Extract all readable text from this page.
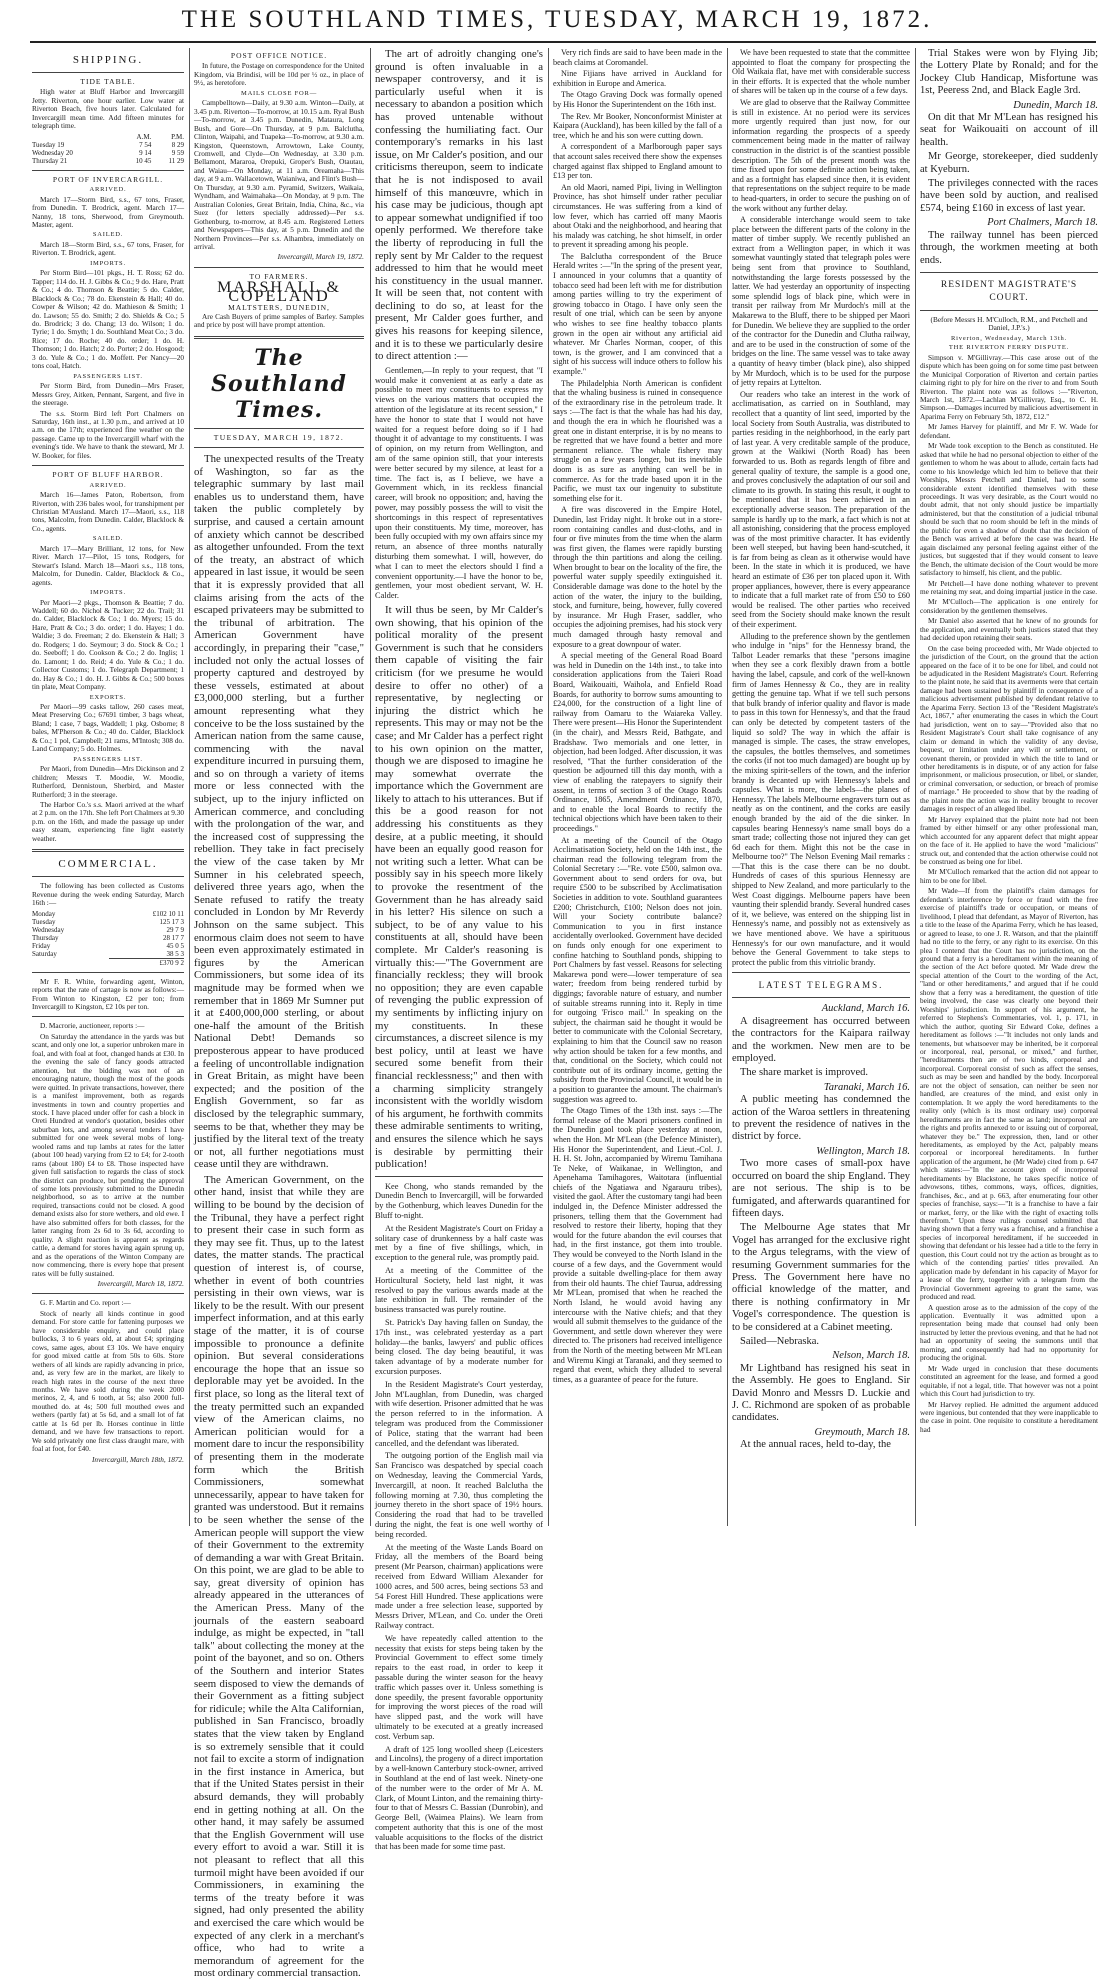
THE SOUTHLAND TIMES, TUESDAY, MARCH 19, 1872.
SHIPPING.
TIDE TABLE.

High water at Bluff Harbor and Invercargill Jetty. Riverton, one hour earlier. Low water at Riverton Beach, five hours later. Calculated for Invercargill mean time. Add fifteen minutes for telegraph time.

	A.M.	P.M.
Tuesday 19	7 54	8 29
Wednesday 20	9 14	9 59
Thursday 21	10 45	11 29
PORT OF INVERCARGILL.
ARRIVED.

March 17—Storm Bird, s.s., 67 tons, Fraser, from Dunedin. T. Brodrick, agent. March 17—Nanny, 18 tons, Sherwood, from Greymouth. Master, agent.

SAILED.

March 18—Storm Bird, s.s., 67 tons, Fraser, for Riverton. T. Brodrick, agent.

IMPORTS.

Per Storm Bird—101 pkgs., H. T. Ross; 62 do. Tapper; 114 do. H. J. Gibbs & Co.; 9 do. Hare, Pratt & Co.; 4 do. Thomson & Beattie; 5 do. Calder, Blacklock & Co.; 78 do. Ekenstein & Hall; 40 do. Cowper & Wilson; 42 do. Mathieson & Smith; 1 do. Lawson; 55 do. Smith; 2 do. Shields & Co.; 5 do. Brodrick; 3 do. Chang; 13 do. Wilson; 1 do. Tyrie; 1 do. Smyth; 1 do. Southland Meat Co.; 3 do. Rice; 17 do. Roche; 40 do. order; 1 do. H. Thomson; 1 do. Hatch; 2 do. Porter; 2 do. Hosgood; 3 do. Yule & Co.; 1 do. Moffett. Per Nancy—20 tons coal, Hatch.

PASSENGERS LIST.

Per Storm Bird, from Dunedin—Mrs Fraser, Messrs Grey, Aitken, Pennant, Sargent, and five in the steerage.

The s.s. Storm Bird left Port Chalmers on Saturday, 16th inst., at 1.30 p.m., and arrived at 10 a.m. on the 17th; experienced fine weather on the passage. Came up to the Invercargill wharf with the evening's tide. We have to thank the steward, Mr J. W. Booker, for files.

PORT OF BLUFF HARBOR.
ARRIVED.

March 16—James Paton, Robertson, from Riverton, with 236 bales wool, for transhipment per Christian M'Ausland. March 17—Maori, s.s., 118 tons, Malcolm, from Dunedin. Calder, Blacklock & Co., agents.

SAILED.

March 17—Mary Brilliant, 12 tons, for New River. March 17—Pilot, 15 tons, Rodgers, for Stewart's Island. March 18—Maori s.s., 118 tons, Malcolm, for Dunedin. Calder, Blacklock & Co., agents.

IMPORTS.

Per Maori—2 pkgs., Thomson & Beattie; 7 do. Waddell; 60 do. Nichol & Tucker; 22 do. Trail; 31 do. Calder, Blacklock & Co.; 1 do. Myers; 15 do. Hare, Pratt & Co.; 3 do. order; 1 do. Hayes; 1 do. Waldie; 3 do. Freeman; 2 do. Ekenstein & Hall; 3 do. Rodgers; 1 do. Seymour; 3 do. Stock & Co.; 1 do. Seeboff; 1 do. Cookson & Co.; 2 do. Inglis; 1 do. Lamont; 1 do. Reid; 4 do. Yule & Co.; 1 do. Collector Customs; 1 do. Telegraph Department; 1 do. Hay & Co.; 1 do. H. J. Gibbs & Co.; 500 boxes tin plate, Meat Company.

EXPORTS.

Per Maori—99 casks tallow, 260 cases meat, Meat Preserving Co.; 67691 timber, 3 bags wheat, Bland; 1 case, 7 bags, Waddell; 1 pkg. Osborne; 8 bales, M'Pherson & Co.; 40 do. Calder, Blacklock & Co.; 1 pol, Campbell; 21 rams, M'Intosh; 308 do. Land Company; 5 do. Holmes.

PASSENGERS LIST.

Per Maori, from Dunedin—Mrs Dickinson and 2 children; Messrs T. Moodie, W. Moodie, Rutherford, Dennistoun, Sherbird, and Master Rutherford; 3 in the steerage.

The Harbor Co.'s s.s. Maori arrived at the wharf at 2 p.m. on the 17th. She left Port Chalmers at 9.30 p.m. on the 16th, and made the passage up under easy steam, experiencing fine light easterly weather.

COMMERCIAL.

The following has been collected as Customs Revenue during the week ending Saturday, March 16th :—

Monday	£102 10 11
Tuesday	125 17 3
Wednesday	29 7 9
Thursday	28 17 7
Friday	45 0 5
Saturday	38 5 3
	£370 9 2

Mr F. R. White, forwarding agent, Winton, reports that the rate of cartage is now as follows:—From Winton to Kingston, £2 per ton; from Invercargill to Kingston, £2 10s per ton.

D. Macrorie, auctioneer, reports :—

On Saturday the attendance in the yards was but scant, and only one lot, a superior unbroken mare in foal, and with foal at foot, changed hands at £30. In the evening the sale of fancy goods attracted attention, but the bidding was not of an encouraging nature, though the most of the goods were quitted. In private transactions, however, there is a manifest improvement, both as regards investments in town and country properties and stock. I have placed under offer for cash a block in Oreti Hundred at vendor's quotation, besides other suburban lots, and among several tenders I have submitted for one week several mobs of long-wooled rams and tup lambs at rates for the latter (about 100 head) varying from £2 to £4; for 2-tooth rams (about 180) £4 to £8. Those inspected have given full satisfaction to regards the class of stock the district can produce, but pending the approval of some lots previously submitted to the Dunedin neighborhood, so as to arrive at the number required, transactions could not be closed. A good demand exists also for store wethers, and old ewe. I have also submitted offers for both classes, for the latter ranging from 2s 6d to 3s 6d, according to quality. A slight reaction is apparent as regards cattle, a demand for stores having again sprung up, and as the operations of the Winton Company are now commencing, there is every hope that present rates will be fully sustained.

Invercargill, March 18, 1872.

G. F. Martin and Co. report :—

Stock of nearly all kinds continue in good demand. For store cattle for fattening purposes we have considerable enquiry, and could place bullocks, 3 to 6 years old, at about £4; springing cows, same ages, about £3 10s. We have enquiry for good mixed cattle at from 50s to 60s. Store wethers of all kinds are rapidly advancing in price, and, as very few are in the market, are likely to reach high rates in the course of the next three months. We have sold during the week 2000 merinos, 2, 4, and 6 tooth, at 5s; also 2000 full-mouthed do. at 4s; 500 full mouthed ewes and wethers (partly fat) at 5s 6d, and a small lot of fat cattle at 1s 6d per lb. Horses continue in little demand, and we have few transactions to report. We sold privately one first class draught mare, with foal at foot, for £40.

Invercargill, March 18th, 1872.
POST OFFICE NOTICE.

In future, the Postage on correspondence for the United Kingdom, via Brindisi, will be 10d per ½ oz., in place of 9½, as heretofore.

MAILS CLOSE FOR—

Campbelltown—Daily, at 9.30 a.m. Winton—Daily, at 3.45 p.m. Riverton—To-morrow, at 10.15 a.m. Ryal Bush—To-morrow, at 3.45 p.m. Dunedin, Mataura, Long Bush, and Gore—On Thursday, at 9 p.m. Balclutha, Clinton, Waipahi, and Tuapeka—To-morrow, at 9.30 a.m. Kingston, Queenstown, Arrowtown, Lake County, Cromwell, and Clyde—On Wednesday, at 3.30 p.m. Bellamont, Mararoa, Orepuki, Groper's Bush, Otautau, and Waiau—On Monday, at 11 a.m. Oreamaha—This day, at 9 a.m. Wallacetown, Waianiwa, and Flint's Bush—On Thursday, at 9.30 a.m. Pyramid, Switzers, Waikaia, Wyndham, and Waimahaka—On Monday, at 9 p.m. The Australian Colonies, Great Britain, India, China, &c., via Suez (for letters specially addressed)—Per s.s. Gothenburg, to-morrow, at 8.45 a.m. Registered Letters and Newspapers—This day, at 5 p.m. Dunedin and the Northern Provinces—Per s.s. Alhambra, immediately on arrival.

Invercargill, March 19, 1872.
TO FARMERS.
MARSHALL & COPELAND
MALTSTERS, DUNEDIN,

Are Cash Buyers of prime samples of Barley. Samples and price by post will have prompt attention.

The Southland Times.
TUESDAY, MARCH 19, 1872.

The unexpected results of the Treaty of Washington, so far as the telegraphic summary by last mail enables us to understand them, have taken the public completely by surprise, and caused a certain amount of anxiety which cannot be described as altogether unfounded. From the text of the treaty, an abstract of which appeared in last issue, it would be seen that it is expressly provided that all claims arising from the acts of the escaped privateers may be submitted to the tribunal of arbitration. The American Government have accordingly, in preparing their "case," included not only the actual losses of property captured and destroyed by these vessels, estimated at about £3,000,000 sterling, but a further amount representing what they conceive to be the loss sustained by the American nation from the same cause, commencing with the naval expenditure incurred in pursuing them, and so on through a variety of items more or less connected with the subject, up to the injury inflicted on American commerce, and concluding with the prolongation of the war, and the increased cost of suppressing the rebellion. They take in fact precisely the view of the case taken by Mr Sumner in his celebrated speech, delivered three years ago, when the Senate refused to ratify the treaty concluded in London by Mr Reverdy Johnson on the same subject. This enormous claim does not seem to have been even approximately estimated in figures by the American Commissioners, but some idea of its magnitude may be formed when we remember that in 1869 Mr Sumner put it at £400,000,000 sterling, or about one-half the amount of the British National Debt! Demands so preposterous appear to have produced a feeling of uncontrollable indignation in Great Britain, as might have been expected; and the position of the English Government, so far as disclosed by the telegraphic summary, seems to be that, whether they may be justified by the literal text of the treaty or not, all further negotiations must cease until they are withdrawn.

The American Government, on the other hand, insist that while they are willing to be bound by the decision of the Tribunal, they have a perfect right to present their case in such form as they may see fit. Thus, up to the latest dates, the matter stands. The practical question of interest is, of course, whether in event of both countries persisting in their own views, war is likely to be the result. With our present imperfect information, and at this early stage of the matter, it is of course impossible to pronounce a definite opinion. But several considerations encourage the hope that an issue so deplorable may yet be avoided. In the first place, so long as the literal text of the treaty permitted such an expanded view of the American claims, no American politician would for a moment dare to incur the responsibility of presenting them in the moderate form which the British Commissioners, somewhat unnecessarily, appear to have taken for granted was understood. But it remains to be seen whether the sense of the American people will support the view of their Government to the extremity of demanding a war with Great Britain. On this point, we are glad to be able to say, great diversity of opinion has already appeared in the utterances of the American Press. Many of the journals of the eastern seaboard indulge, as might be expected, in "tall talk" about collecting the money at the point of the bayonet, and so on. Others of the Southern and interior States seem disposed to view the demands of their Government as a fitting subject for ridicule; while the Alta Californian, published in San Francisco, broadly states that the view taken by England is so extremely sensible that it could not fail to excite a storm of indignation in the first instance in America, but that if the United States persist in their absurd demands, they will probably end in getting nothing at all. On the other hand, it may safely be assumed that the English Government will use every effort to avoid a war. Still it is not pleasant to reflect that all this turmoil might have been avoided if our Commissioners, in examining the terms of the treaty before it was signed, had only presented the ability and exercised the care which would be expected of any clerk in a merchant's office, who had to write a memorandum of agreement for the most ordinary commercial transaction.

The art of adroitly changing one's ground is often invaluable in a newspaper controversy, and it is particularly useful when it is necessary to abandon a position which has proved untenable without confessing the humiliating fact. Our contemporary's remarks in his last issue, on Mr Calder's position, and our criticisms thereupon, seem to indicate that he is not indisposed to avail himself of this manœuvre, which in his case may be judicious, though apt to appear somewhat undignified if too openly performed. We therefore take the liberty of reproducing in full the reply sent by Mr Calder to the request addressed to him that he would meet his constituency in the usual manner. It will be seen that, not content with declining to do so, at least for the present, Mr Calder goes further, and gives his reasons for keeping silence, and it is to these we particularly desire to direct attention :—

Gentlemen,—In reply to your request, that "I would make it convenient at as early a date as possible to meet my constituents to express my views on the various matters that occupied the attention of the legislature at its recent session," I have the honor to state that I would not have waited for a request before doing so if I had thought it of advantage to my constituents. I was of opinion, on my return from Wellington, and am of the same opinion still, that your interests were better secured by my silence, at least for a time. The fact is, as I believe, we have a Government which, in its reckless financial career, will brook no opposition; and, having the power, may possibly possess the will to visit the shortcomings in this respect of representatives upon their constituents. My time, moreover, has been fully occupied with my own affairs since my return, an absence of three months naturally disturbing them somewhat. I will, however, do what I can to meet the electors should I find a convenient opportunity.—I have the honor to be, gentlemen, your most obedient servant, W. H. Calder.

It will thus be seen, by Mr Calder's own showing, that his opinion of the political morality of the present Government is such that he considers them capable of visiting the fair criticism (for we presume he would desire to offer no other) of a representative, by neglecting or injuring the district which he represents. This may or may not be the case; and Mr Calder has a perfect right to his own opinion on the matter, though we are disposed to imagine he may somewhat overrate the importance which the Government are likely to attach to his utterances. But if this be a good reason for not addressing his constituents as they desire, at a public meeting, it should have been an equally good reason for not writing such a letter. What can be possibly say in his speech more likely to provoke the resentment of the Government than he has already said in his letter? His silence on such a subject, to be of any value to his constituents at all, should have been complete. Mr Calder's reasoning is virtually this:—"The Government are financially reckless; they will brook no opposition; they are even capable of revenging the public expression of my sentiments by inflicting injury on my constituents. In these circumstances, a discreet silence is my best policy, until at least we have secured some benefit from their financial recklessness;" and then with a charming simplicity strangely inconsistent with the worldly wisdom of his argument, he forthwith commits these admirable sentiments to writing, and ensures the silence which he says is desirable by permitting their publication!

Kee Chong, who stands remanded by the Dunedin Bench to Invercargill, will be forwarded by the Gothenburg, which leaves Dunedin for the Bluff to-night.

At the Resident Magistrate's Court on Friday a solitary case of drunkenness by a half caste was met by a fine of five shillings, which, in exception to the general rule, was promptly paid.

At a meeting of the Committee of the Horticultural Society, held last night, it was resolved to pay the various awards made at the late exhibition in full. The remainder of the business transacted was purely routine.

St. Patrick's Day having fallen on Sunday, the 17th inst., was celebrated yesterday as a part holiday—the banks, lawyers' and public offices being closed. The day being beautiful, it was taken advantage of by a moderate number for excursion purposes.

In the Resident Magistrate's Court yesterday, John M'Laughlan, from Dunedin, was charged with wife desertion. Prisoner admitted that he was the person referred to in the information. A telegram was produced from the Commissioner of Police, stating that the warrant had been cancelled, and the defendant was liberated.

The outgoing portion of the English mail via San Francisco was despatched by special coach on Wednesday, leaving the Commercial Yards, Invercargill, at noon. It reached Balclutha the following morning at 7.30, thus completing the journey thereto in the short space of 19½ hours. Considering the road that had to be travelled during the night, the feat is one well worthy of being recorded.

At the meeting of the Waste Lands Board on Friday, all the members of the Board being present (Mr Pearson, chairman) applications were received from Edward William Alexander for 1000 acres, and 500 acres, being sections 53 and 54 Forest Hill Hundred. These applications were made under a free selection lease, supported by Messrs Driver, M'Lean, and Co. under the Oreti Railway contract.

We have repeatedly called attention to the necessity that exists for steps being taken by the Provincial Government to effect some timely repairs to the east road, in order to keep it passable during the winter season for the heavy traffic which passes over it. Unless something is done speedily, the present favorable opportunity for improving the worst pieces of the road will have slipped past, and the work will have ultimately to be executed at a greatly increased cost. Verbum sap.

A draft of 125 long woolled sheep (Leicesters and Lincolns), the progeny of a direct importation by a well-known Canterbury stock-owner, arrived in Southland at the end of last week. Ninety-one of the number were to the order of Mr A. M. Clark, of Mount Linton, and the remaining thirty-four to that of Messrs C. Bassian (Dunrobin), and George Bell, (Waimea Plains). We learn from competent authority that this is one of the most valuable acquisitions to the flocks of the district that has been made for some time past.

Very rich finds are said to have been made in the beach claims at Coromandel.

Nine Fijians have arrived in Auckland for exhibition in Europe and America.

The Otago Graving Dock was formally opened by His Honor the Superintendent on the 16th inst.

The Rev. Mr Booker, Nonconformist Minister at Kaipara (Auckland), has been killed by the fall of a tree, which he and his son were cutting down.

A correspondent of a Marlborough paper says that account sales received there show the expenses charged against flax shipped to England amount to £13 per ton.

An old Maori, named Pipi, living in Wellington Province, has shot himself under rather peculiar circumstances. He was suffering from a kind of low fever, which has carried off many Maoris about Otaki and the neighborhood, and hearing that his malady was catching, he shot himself, in order to prevent it spreading among his people.

The Balclutha correspondent of the Bruce Herald writes :—"In the spring of the present year, I announced in your columns that a quantity of tobacco seed had been left with me for distribution among parties willing to try the experiment of growing tobacco in Otago. I have only seen the result of one trial, which can be seen by anyone who wishes to see fine healthy tobacco plants grown in the open air without any artificial aid whatever. Mr Charles Norman, cooper, of this town, is the grower, and I am convinced that a sight of his success will induce others to follow his example."

The Philadelphia North American is confident that the whaling business is ruined in consequence of the extraordinary rise in the petroleum trade. It says :—The fact is that the whale has had his day, and though the era in which he flourished was a great one in distant enterprise, it is by no means to be regretted that we have found a better and more permanent reliance. The whale fishery may struggle on a few years longer, but its inevitable doom is as sure as anything can well be in commerce. As for the trade based upon it in the Pacific, we must tax our ingenuity to substitute something else for it.

A fire was discovered in the Empire Hotel, Dunedin, last Friday night. It broke out in a store-room containing candles and dust-cloths, and in four or five minutes from the time when the alarm was first given, the flames were rapidly bursting through the thin partitions and along the ceiling. When brought to bear on the locality of the fire, the powerful water supply speedily extinguished it. Considerable damage was done to the hotel by the action of the water, the injury to the building, stock, and furniture, being, however, fully covered by insurance. Mr Hugh Fraser, saddler, who occupies the adjoining premises, had his stock very much damaged through hasty removal and exposure to a great downpour of water.

A special meeting of the General Road Board was held in Dunedin on the 14th inst., to take into consideration applications from the Taieri Road Board, Waikouaiti, Waihola, and Enfield Road Boards, for authority to borrow sums amounting to £24,000, for the construction of a light line of railway from Oamaru to the Waiareka Valley. There were present—His Honor the Superintendent (in the chair), and Messrs Reid, Bathgate, and Bradshaw. Two memorials and one letter, in objection, had been lodged. After discussion, it was resolved, "That the further consideration of the question be adjourned till this day month, with a view of enabling the ratepayers to signify their assent, in terms of section 3 of the Otago Roads Ordinance, 1865, Amendment Ordinance, 1870, and to enable the local Boards to rectify the technical objections which have been taken to their proceedings."

At a meeting of the Council of the Otago Acclimatisation Society, held on the 14th inst., the chairman read the following telegram from the Colonial Secretary :—"Re. vote £500, salmon ova. Government about to send orders for ova, but require £500 to be subscribed by Acclimatisation Societies in addition to vote. Southland guarantees £200; Christchurch, £100; Nelson does not join. Will your Society contribute balance? Communication to you in first instance accidentally overlooked. Government have decided on funds only enough for one experiment to confine hatching to Southland ponds, shipping to Port Chalmers by fast vessel. Reasons for selecting Makarewa pond were—lower temperature of sea water; freedom from being rendered turbid by diggings; favorable nature of estuary, and number of suitable streams running into it. Reply in time for outgoing 'Frisco mail." In speaking on the subject, the chairman said he thought it would be better to communicate with the Colonial Secretary, explaining to him that the Council saw no reason why action should be taken for a few months, and that, conditional on the Society, which could not contribute out of its ordinary income, getting the subsidy from the Provincial Council, it would be in a position to guarantee the amount. The chairman's suggestion was agreed to.

The Otago Times of the 13th inst. says :—The formal release of the Maori prisoners confined in the Dunedin gaol took place yesterday at noon, when the Hon. Mr M'Lean (the Defence Minister), His Honor the Superintendent, and Lieut.-Col. J. H. H. St. John, accompanied by Wiremu Tamihana Te Neke, of Waikanae, in Wellington, and Apenehama Tamihagores, Waitotara (influential chiefs of the Ngatiawa and Ngarauru tribes), visited the gaol. After the customary tangi had been indulged in, the Defence Minister addressed the prisoners, telling them that the Government had resolved to restore their liberty, hoping that they would for the future abandon the evil courses that had, in the first instance, got them into trouble. They would be conveyed to the North Island in the course of a few days, and the Government would provide a suitable dwelling-place for them away from their old haunts. The chief Taurua, addressing Mr M'Lean, promised that when he reached the North Island, he would avoid having any intercourse with the Native chiefs; and that they would all submit themselves to the guidance of the Government, and settle down wherever they were directed to. The prisoners had received intelligence from the North of the meeting between Mr M'Lean and Wiremu Kingi at Taranaki, and they seemed to regard that event, which they alluded to several times, as a guarantee of peace for the future.

We have been requested to state that the committee appointed to float the company for prospecting the Old Waikaia flat, have met with considerable success in their efforts. It is expected that the whole number of shares will be taken up in the course of a few days.

We are glad to observe that the Railway Committee is still in existence. At no period were its services more urgently required than just now, for our information regarding the prospects of a speedy commencement being made in the matter of railway construction in the district is of the scantiest possible description. The 5th of the present month was the time fixed upon for some definite action being taken, and as a fortnight has elapsed since then, it is evident that representations on the subject require to be made to head-quarters, in order to secure the pushing on of the work without any further delay.

A considerable interchange would seem to take place between the different parts of the colony in the matter of timber supply. We recently published an extract from a Wellington paper, in which it was somewhat vauntingly stated that telegraph poles were being sent from that province to Southland, notwithstanding the large forests possessed by the latter. We had yesterday an opportunity of inspecting some splendid logs of black pine, which were in transit per railway from Mr Murdoch's mill at the Makarewa to the Bluff, there to be shipped per Maori for Dunedin. We believe they are supplied to the order of the contractor for the Dunedin and Clutha railway, and are to be used in the construction of some of the bridges on the line. The same vessel was to take away a quantity of heavy timber (black pine), also shipped by Mr Murdoch, which is to be used for the purpose of jetty repairs at Lyttelton.

Our readers who take an interest in the work of acclimatisation, as carried on in Southland, may recollect that a quantity of lint seed, imported by the local Society from South Australia, was distributed to parties residing in the neighborhood, in the early part of last year. A very creditable sample of the produce, grown at the Waikiwi (North Road) has been forwarded to us. Both as regards length of fibre and general quality of texture, the sample is a good one, and proves conclusively the adaptation of our soil and climate to its growth. In stating this result, it ought to be mentioned that it has been achieved in an exceptionally adverse season. The preparation of the sample is hardly up to the mark, a fact which is not at all astonishing, considering that the process employed was of the most primitive character. It has evidently been well steeped, but having been hand-scutched, it is far from being as clean as it otherwise would have been. In the state in which it is produced, we have heard an estimate of £36 per ton placed upon it. With proper appliances, however, there is every appearance to indicate that a full market rate of from £50 to £60 would be realised. The other parties who received seed from the Society should make known the result of their experiment.

Alluding to the preference shown by the gentlemen who indulge in "nips" for the Hennessy brand, the Talbot Leader remarks that these "persons imagine when they see a cork flexibly drawn from a bottle having the label, capsule, and cork of the well-known firm of James Hennessy & Co., they are in reality getting the genuine tap. What if we tell such persons that bulk brandy of inferior quality and flavor is made to pass in this town for Hennessy's, and that the fraud can only be detected by competent tasters of the liquid so sold? The way in which the affair is managed is simple. The cases, the straw envelopes, the capsules, the bottles themselves, and sometimes the corks (if not too much damaged) are bought up by the mixing spirit-sellers of the town, and the inferior brandy is decanted up with Hennessy's labels and capsules. What is more, the labels—the planes of Hennessy. The labels Melbourne engravers turn out as neatly as on the continent, and the corks are easily enough branded by the aid of the die sinker. In capsules bearing Hennessy's name small boys do a smart trade; collecting those not injured they can get 6d each for them. Might this not be the case in Melbourne too?" The Nelson Evening Mail remarks :—That this is the case there can be no doubt. Hundreds of cases of this spurious Hennessy are shipped to New Zealand, and more particularly to the West Coast diggings. Melbourne papers have been vaunting their splendid brandy. Several hundred cases of it, we believe, was entered on the shipping list in Hennessy's name, and possibly not as extensively as we have mentioned above. We have a spirituous Hennessy's for our own manufacture, and it would behove the General Government to take steps to protect the public from this vitriolic brandy.

LATEST TELEGRAMS.
Auckland, March 16.

A disagreement has occurred between the contractors for the Kaipara railway and the workmen. New men are to be employed.

The share market is improved.

Taranaki, March 16.

A public meeting has condemned the action of the Waroa settlers in threatening to prevent the residence of natives in the district by force.

Wellington, March 18.

Two more cases of small-pox have occurred on board the ship England. They are not serious. The ship is to be fumigated, and afterwards quarantined for fifteen days.

The Melbourne Age states that Mr Vogel has arranged for the exclusive right to the Argus telegrams, with the view of resuming Government summaries for the Press. The Government here have no official knowledge of the matter, and there is nothing confirmatory in Mr Vogel's correspondence. The question is to be considered at a Cabinet meeting.

Sailed—Nebraska.

Nelson, March 18.

Mr Lightband has resigned his seat in the Assembly. He goes to England. Sir David Monro and Messrs D. Luckie and J. C. Richmond are spoken of as probable candidates.

Greymouth, March 18.

At the annual races, held to-day, the

Trial Stakes were won by Flying Jib; the Lottery Plate by Ronald; and for the Jockey Club Handicap, Misfortune was 1st, Peeress 2nd, and Black Eagle 3rd.

Dunedin, March 18.

On dit that Mr M'Lean has resigned his seat for Waikouaiti on account of ill health.

Mr George, storekeeper, died suddenly at Kyeburn.

The privileges connected with the races have been sold by auction, and realised £574, being £160 in excess of last year.

Port Chalmers, March 18.

The railway tunnel has been pierced through, the workmen meeting at both ends.

RESIDENT MAGISTRATE'S COURT.

(Before Messrs H. M'Culloch, R.M., and Petchell and Daniel, J.P.'s.)

Riverton, Wednesday, March 13th.
THE RIVERTON FERRY DISPUTE.

Simpson v. M'Gillivray.—This case arose out of the dispute which has been going on for some time past between the Municipal Corporation of Riverton and certain parties claiming right to ply for hire on the river to and from South Riverton. The plaint note was as follows :—"Riverton, March 1st, 1872.—Lachlan M'Gillivray, Esq., to C. H. Simpson.—Damages incurred by malicious advertisement in Aparima Ferry on February 5th, 1872, £12."

Mr James Harvey for plaintiff, and Mr F. W. Wade for defendant.

Mr Wade took exception to the Bench as constituted. He asked that while he had no personal objection to either of the gentlemen to whom he was about to allude, certain facts had come to his knowledge which led him to believe that their Worships, Messrs Petchell and Daniel, had to some considerable extent identified themselves with these proceedings. It was very desirable, as the Court would no doubt admit, that not only should justice be impartially administered, but that the constitution of a judicial tribunal should be such that no room should be left in the minds of the public for even a shadow of doubt that the decision of the Bench was arrived at before the case was heard. He again disclaimed any personal feeling against either of the justices, but suggested that if they would consent to leave the Bench, the ultimate decision of the Court would be more satisfactory to himself, his client, and the public.

Mr Petchell—I have done nothing whatever to prevent me retaining my seat, and doing impartial justice in the case.

Mr M'Culloch—The application is one entirely for consideration by the gentlemen themselves.

Mr Daniel also asserted that he knew of no grounds for the application, and eventually both justices stated that they had decided upon retaining their seats.

On the case being proceeded with, Mr Wade objected to the jurisdiction of the Court, on the ground that the action appeared on the face of it to be one for libel, and could not be adjudicated in the Resident Magistrate's Court. Referring to the plaint note, he said that its averments were that certain damage had been sustained by plaintiff in consequence of a malicious advertisement published by defendant relative to the Aparima Ferry. Section 13 of the "Resident Magistrate's Act, 1867," after enumerating the cases in which the Court had jurisdiction, went on to say—"Provided also that no Resident Magistrate's Court shall take cognisance of any claim or demand in which the validity of any devise, bequest, or limitation under any will or settlement, or covenant therein, or provided in which the title to land or other hereditaments is in dispute, or of any action for false imprisonment, or malicious prosecution, or libel, or slander, or criminal conversation, or seduction, or breach of promise of marriage." He proceeded to show that by the reading of the plaint note the action was in reality brought to recover damages in respect of an alleged libel.

Mr Harvey explained that the plaint note had not been framed by either himself or any other professional man, which accounted for any apparent defect that might appear on the face of it. He applied to have the word "malicious" struck out, and contended that the action otherwise could not be construed as being one for libel.

Mr M'Culloch remarked that the action did not appear to him to be one for libel.

Mr Wade—If from the plaintiff's claim damages for defendant's interference by force or fraud with the free exercise of plaintiff's trade or occupation, or means of livelihood, I plead that defendant, as Mayor of Riverton, has a title to the lease of the Aparima Ferry, which he has leased, or agreed to lease, to one J. R. Watson, and that the plaintiff had no title to the ferry, or any right to its exercise. On this plea I contend that the Court has no jurisdiction, on the ground that a ferry is a hereditament within the meaning of the section of the Act before quoted. Mr Wade drew the special attention of the Court to the wording of the Act, "land or other hereditaments," and argued that if he could show that a ferry was a hereditament, the question of title being involved, the case was clearly one beyond their Worships' jurisdiction. In support of his argument, he referred to Stephens's Commentaries, vol. 1, p. 171, in which the author, quoting Sir Edward Coke, defines a hereditament as follows :—"It includes not only lands and tenements, but whatsoever may be inherited, be it corporeal or incorporeal, real, personal, or mixed," and further, "hereditaments then are of two kinds, corporeal and incorporeal. Corporeal consist of such as affect the senses, such as may be seen and handled by the body. Incorporeal are not the object of sensation, can neither be seen nor handled, are creatures of the mind, and exist only in contemplation. It we apply the word hereditaments to the reality only (which is its most ordinary use) corporeal hereditaments are in fact the same as land; incorporeal are the rights and profits annexed to or issuing out of corporeal, whatever they be." The expression, then, land or other hereditaments, as employed by the Act, palpably means corporeal or incorporeal hereditaments. In further application of the argument, he (Mr Wade) cited from p. 647 which states:—"In the account given of incorporeal hereditaments by Blackstone, he takes specific notice of advowsons, tithes, commons, ways, offices, dignities, franchises, &c., and at p. 663, after enumerating four other species of franchise, says:—"It is a franchise to have a fair or market, ferry, or the like with the right of exacting tolls therefrom." Upon these rulings counsel submitted that having shown that a ferry was a franchise, and a franchise a species of incorporeal hereditament, if he succeeded in showing that defendant or his lessee had a title to the ferry in question, this Court could not try the action as brought as to which of the contending parties' titles prevailed. An application made by defendant in his capacity of Mayor for a lease of the ferry, together with a telegram from the Provincial Government agreeing to grant the same, was produced and read.

A question arose as to the admission of the copy of the application. Eventually it was admitted upon a representation being made that counsel had only been instructed by letter the previous evening, and that he had not had an opportunity of seeing the summons until that morning, and consequently had had no opportunity for producing the original.

Mr Wade urged in conclusion that these documents constituted an agreement for the lease, and formed a good equitable, if not a legal, title. That however was not a point which this Court had jurisdiction to try.

Mr Harvey replied. He admitted the argument adduced were ingenious, but contended that they were inapplicable to the case in point. One requisite to constitute a hereditament had
